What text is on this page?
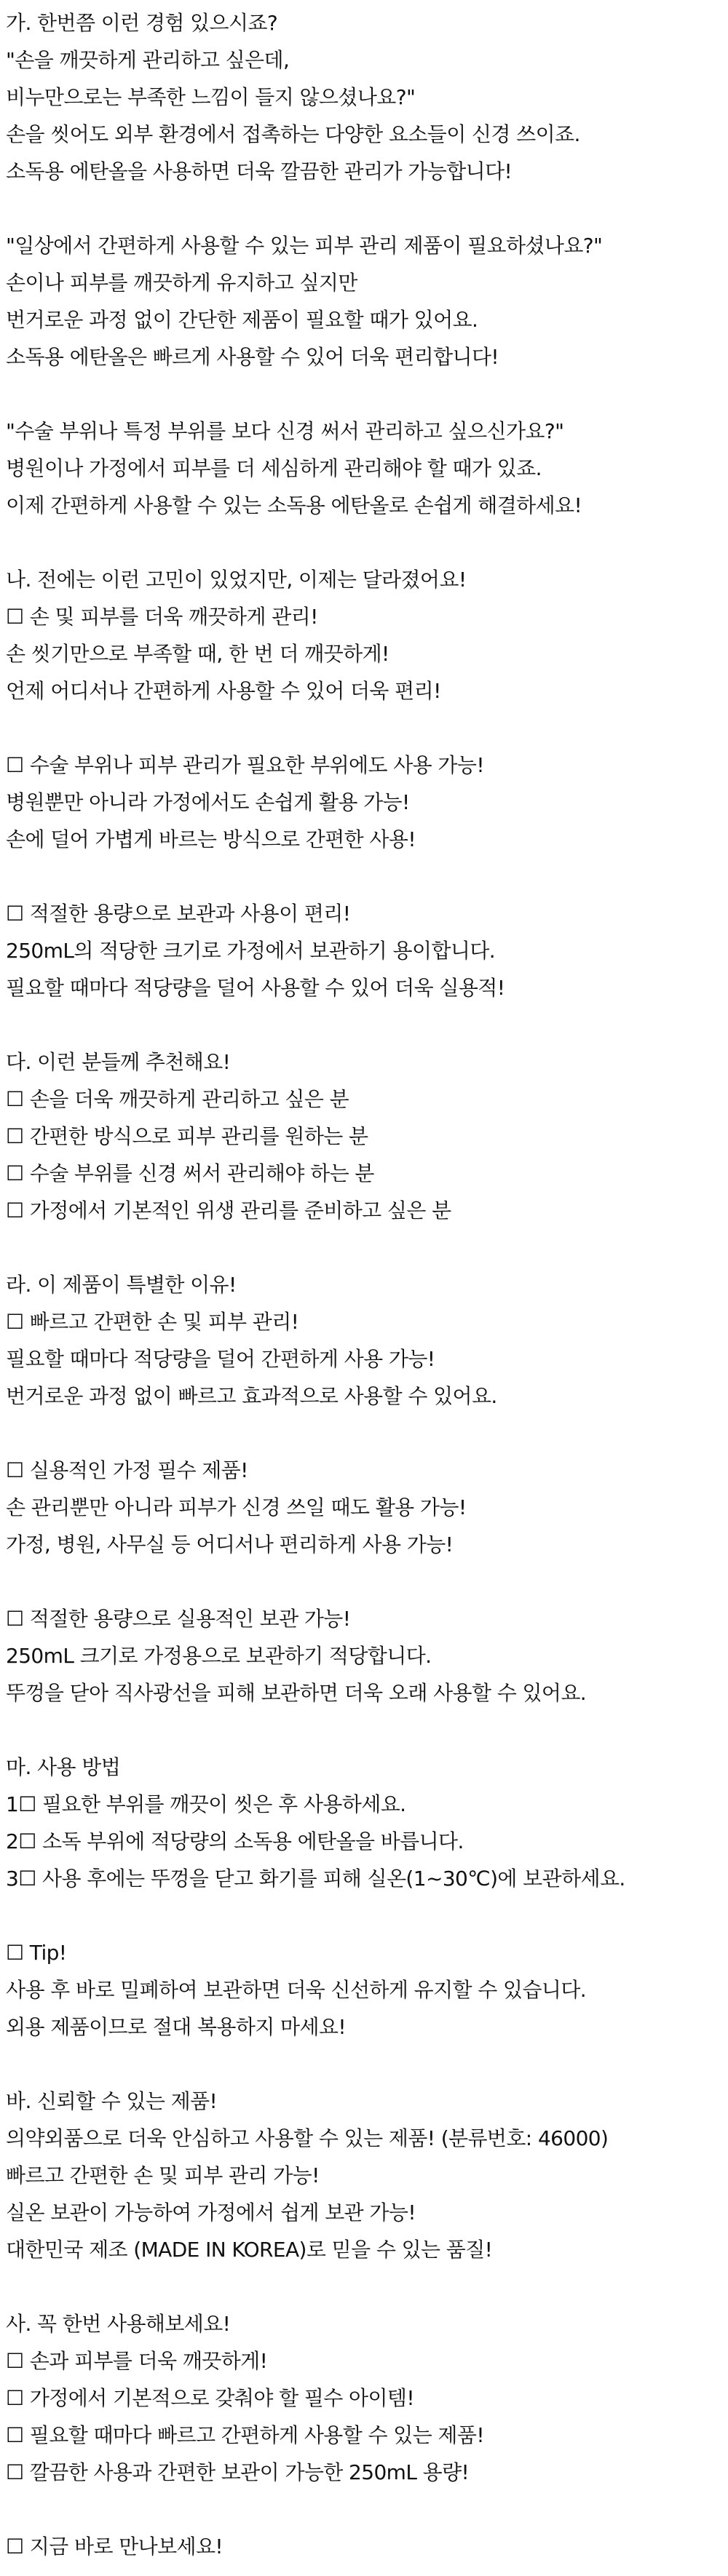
가. 한번쯤 이런 경험 있으시죠?
"손을 깨끗하게 관리하고 싶은데,
비누만으로는 부족한 느낌이 들지 않으셨나요?"
손을 씻어도 외부 환경에서 접촉하는 다양한 요소들이 신경 쓰이죠.
소독용 에탄올을 사용하면 더욱 깔끔한 관리가 가능합니다!
"일상에서 간편하게 사용할 수 있는 피부 관리 제품이 필요하셨나요?"
손이나 피부를 깨끗하게 유지하고 싶지만
번거로운 과정 없이 간단한 제품이 필요할 때가 있어요.
소독용 에탄올은 빠르게 사용할 수 있어 더욱 편리합니다!
"수술 부위나 특정 부위를 보다 신경 써서 관리하고 싶으신가요?"
병원이나 가정에서 피부를 더 세심하게 관리해야 할 때가 있죠.
이제 간편하게 사용할 수 있는 소독용 에탄올로 손쉽게 해결하세요!
나. 전에는 이런 고민이 있었지만, 이제는 달라졌어요!
☐ 손 및 피부를 더욱 깨끗하게 관리!
손 씻기만으로 부족할 때, 한 번 더 깨끗하게!
언제 어디서나 간편하게 사용할 수 있어 더욱 편리!
☐ 수술 부위나 피부 관리가 필요한 부위에도 사용 가능!
병원뿐만 아니라 가정에서도 손쉽게 활용 가능!
손에 덜어 가볍게 바르는 방식으로 간편한 사용!
☐ 적절한 용량으로 보관과 사용이 편리!
250mL의 적당한 크기로 가정에서 보관하기 용이합니다.
필요할 때마다 적당량을 덜어 사용할 수 있어 더욱 실용적!
다. 이런 분들께 추천해요!
☐ 손을 더욱 깨끗하게 관리하고 싶은 분
☐ 간편한 방식으로 피부 관리를 원하는 분
☐ 수술 부위를 신경 써서 관리해야 하는 분
☐ 가정에서 기본적인 위생 관리를 준비하고 싶은 분
라. 이 제품이 특별한 이유!
☐ 빠르고 간편한 손 및 피부 관리!
필요할 때마다 적당량을 덜어 간편하게 사용 가능!
번거로운 과정 없이 빠르고 효과적으로 사용할 수 있어요.
☐ 실용적인 가정 필수 제품!
손 관리뿐만 아니라 피부가 신경 쓰일 때도 활용 가능!
가정, 병원, 사무실 등 어디서나 편리하게 사용 가능!
☐ 적절한 용량으로 실용적인 보관 가능!
250mL 크기로 가정용으로 보관하기 적당합니다.
뚜껑을 닫아 직사광선을 피해 보관하면 더욱 오래 사용할 수 있어요.
마. 사용 방법
1☐ 필요한 부위를 깨끗이 씻은 후 사용하세요.
2☐ 소독 부위에 적당량의 소독용 에탄올을 바릅니다.
3☐ 사용 후에는 뚜껑을 닫고 화기를 피해 실온(1~30℃)에 보관하세요.
☐ Tip!
사용 후 바로 밀폐하여 보관하면 더욱 신선하게 유지할 수 있습니다.
외용 제품이므로 절대 복용하지 마세요!
바. 신뢰할 수 있는 제품!
의약외품으로 더욱 안심하고 사용할 수 있는 제품! (분류번호: 46000)
빠르고 간편한 손 및 피부 관리 가능!
실온 보관이 가능하여 가정에서 쉽게 보관 가능!
대한민국 제조 (MADE IN KOREA)로 믿을 수 있는 품질!
사. 꼭 한번 사용해보세요!
☐ 손과 피부를 더욱 깨끗하게!
☐ 가정에서 기본적으로 갖춰야 할 필수 아이템!
☐ 필요할 때마다 빠르고 간편하게 사용할 수 있는 제품!
☐ 깔끔한 사용과 간편한 보관이 가능한 250mL 용량!
☐ 지금 바로 만나보세요!
